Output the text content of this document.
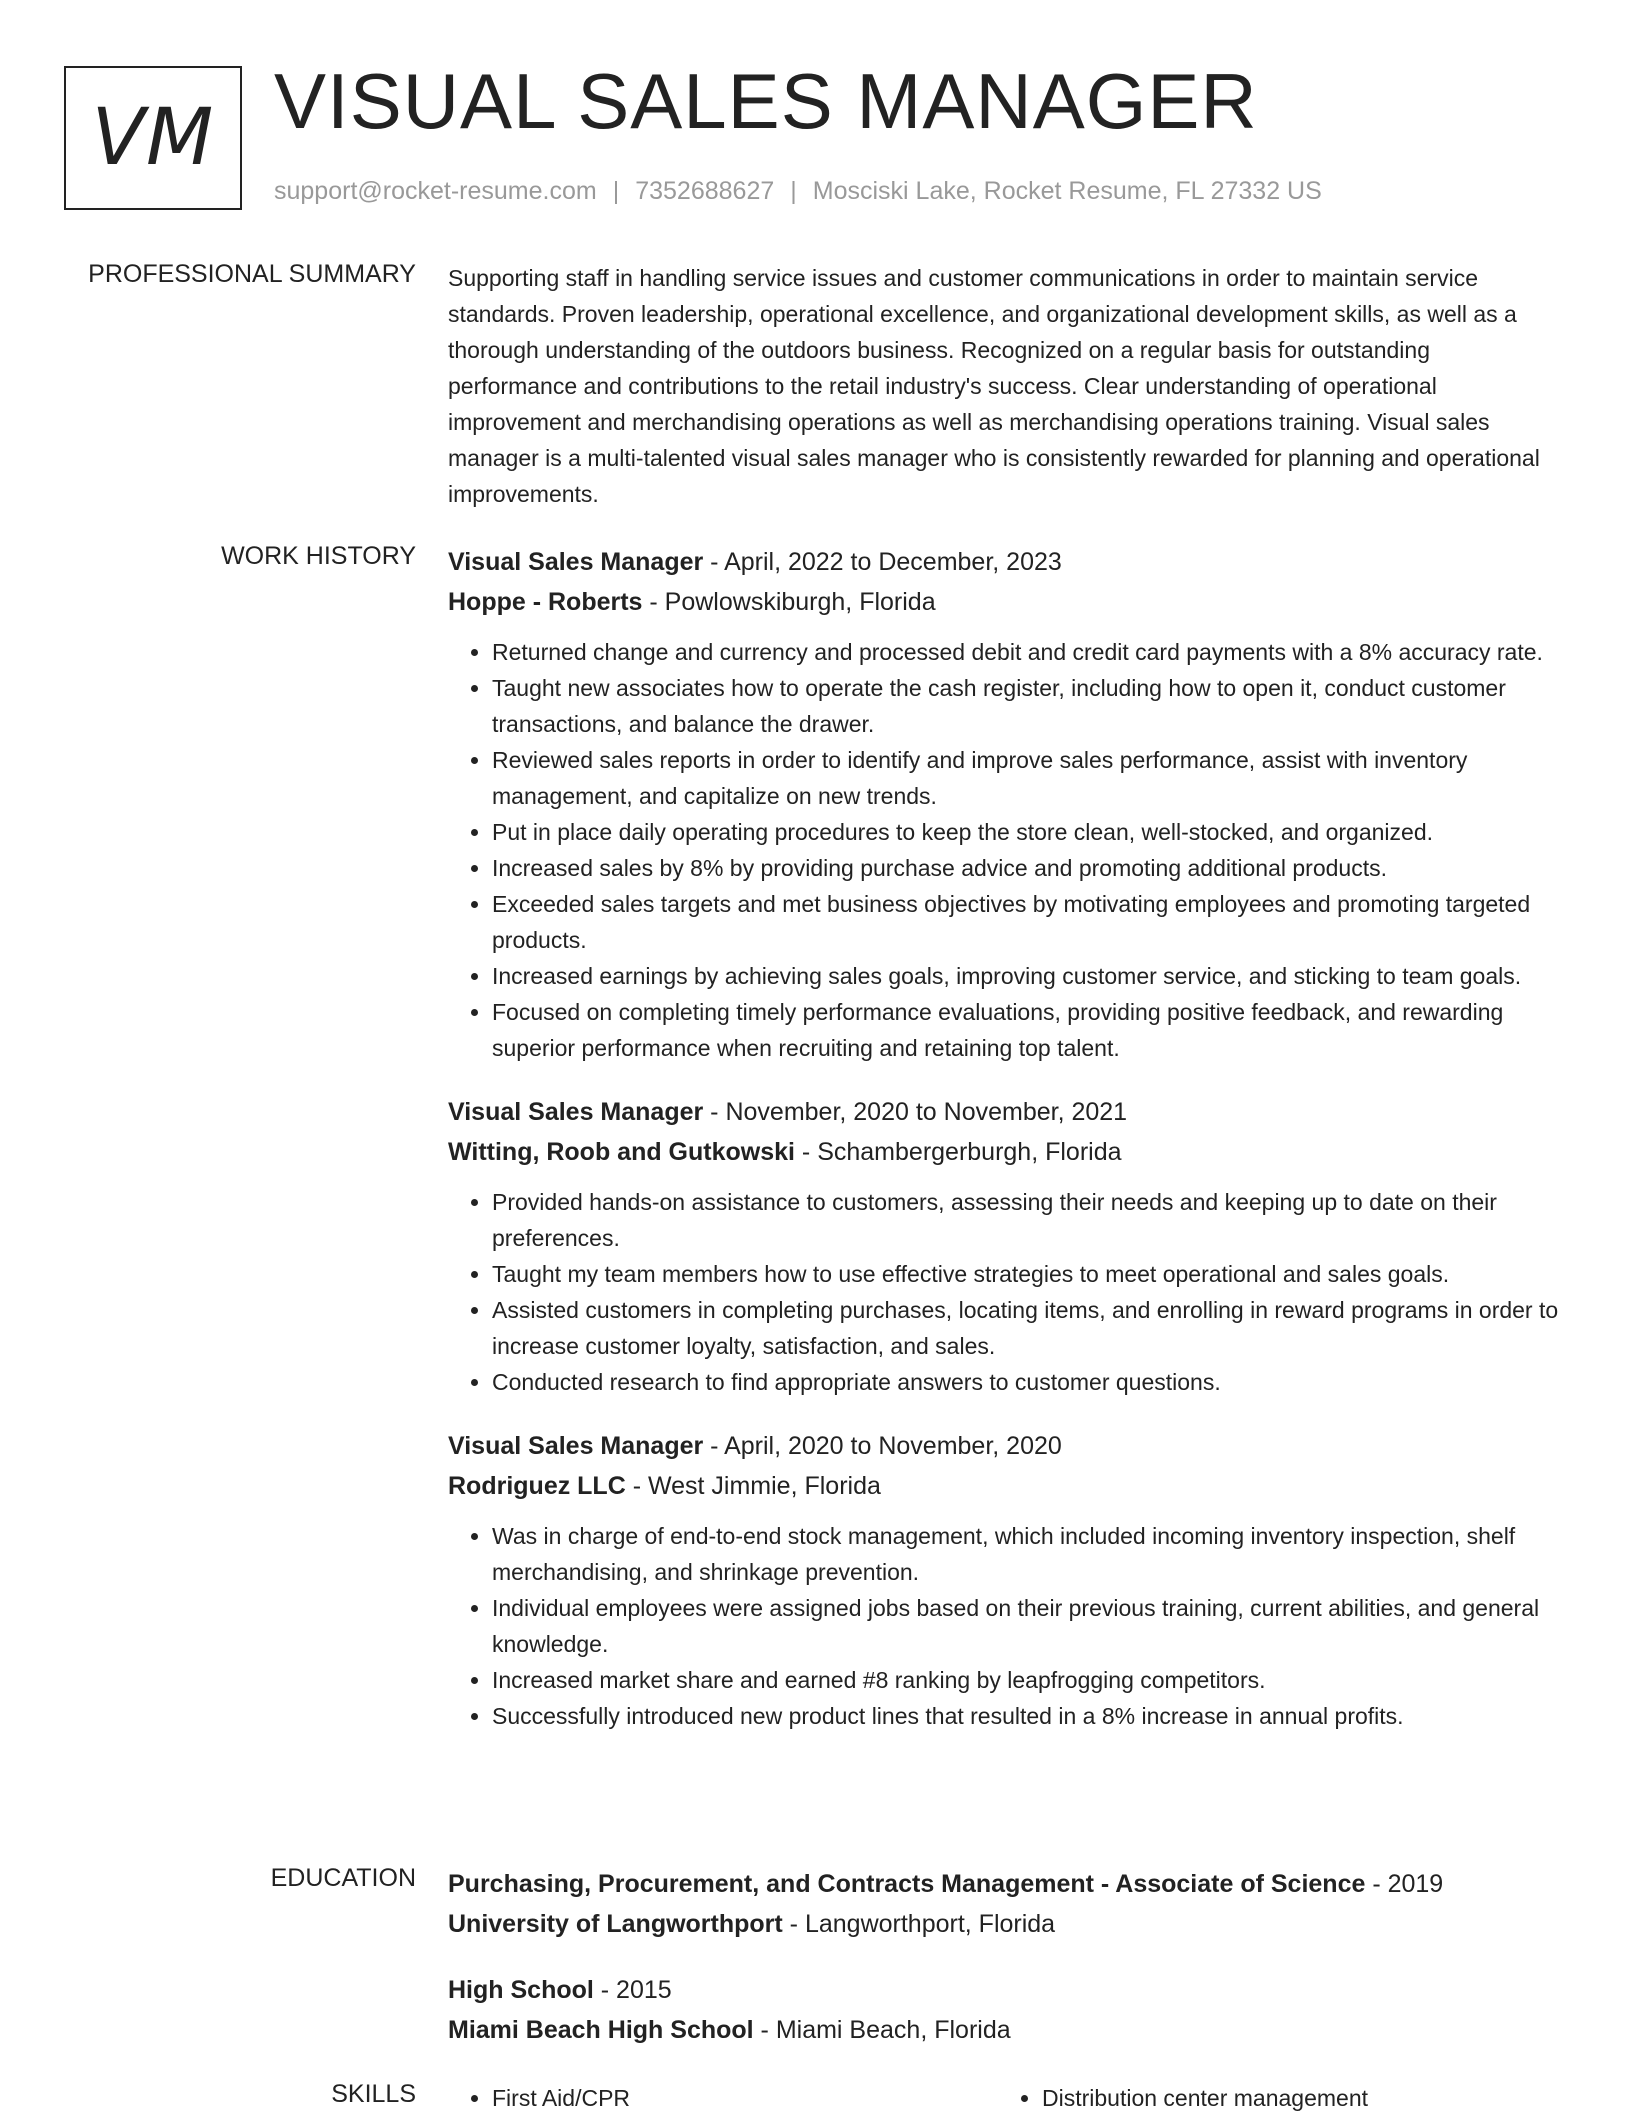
VM VISUAL SALES MANAGER
support@rocket-resume.com | 7352688627 | Mosciski Lake, Rocket Resume, FL 27332 US
PROFESSIONAL SUMMARY Supporting staff in handling service issues and customer communications in order to maintain service standards. Proven leadership, operational excellence, and organizational development skills, as well as a thorough understanding of the outdoors business. Recognized on a regular basis for outstanding performance and contributions to the retail industry's success. Clear understanding of operational improvement and merchandising operations as well as merchandising operations training. Visual sales manager is a multi-talented visual sales manager who is consistently rewarded for planning and operational improvements.

WORK HISTORY Visual Sales Manager - April, 2022 to December, 2023
Hoppe - Roberts - Powlowskiburgh, Florida
• Returned change and currency and processed debit and credit card payments with a 8% accuracy rate.
• Taught new associates how to operate the cash register, including how to open it, conduct customer transactions, and balance the drawer.
• Reviewed sales reports in order to identify and improve sales performance, assist with inventory management, and capitalize on new trends.
• Put in place daily operating procedures to keep the store clean, well-stocked, and organized.
• Increased sales by 8% by providing purchase advice and promoting additional products.
• Exceeded sales targets and met business objectives by motivating employees and promoting targeted products.
• Increased earnings by achieving sales goals, improving customer service, and sticking to team goals.
• Focused on completing timely performance evaluations, providing positive feedback, and rewarding superior performance when recruiting and retaining top talent.
Visual Sales Manager - November, 2020 to November, 2021
Witting, Roob and Gutkowski - Schambergerburgh, Florida
• Provided hands-on assistance to customers, assessing their needs and keeping up to date on their preferences.
• Taught my team members how to use effective strategies to meet operational and sales goals.
• Assisted customers in completing purchases, locating items, and enrolling in reward programs in order to increase customer loyalty, satisfaction, and sales.
• Conducted research to find appropriate answers to customer questions.
Visual Sales Manager - April, 2020 to November, 2020
Rodriguez LLC - West Jimmie, Florida
• Was in charge of end-to-end stock management, which included incoming inventory inspection, shelf merchandising, and shrinkage prevention.
• Individual employees were assigned jobs based on their previous training, current abilities, and general knowledge.
• Increased market share and earned #8 ranking by leapfrogging competitors.
• Successfully introduced new product lines that resulted in a 8% increase in annual profits.
EDUCATION Purchasing, Procurement, and Contracts Management - Associate of Science - 2019
University of Langworthport - Langworthport, Florida
High School - 2015
Miami Beach High School - Miami Beach, Florida
SKILLS	• First Aid/CPR	• Distribution center management
